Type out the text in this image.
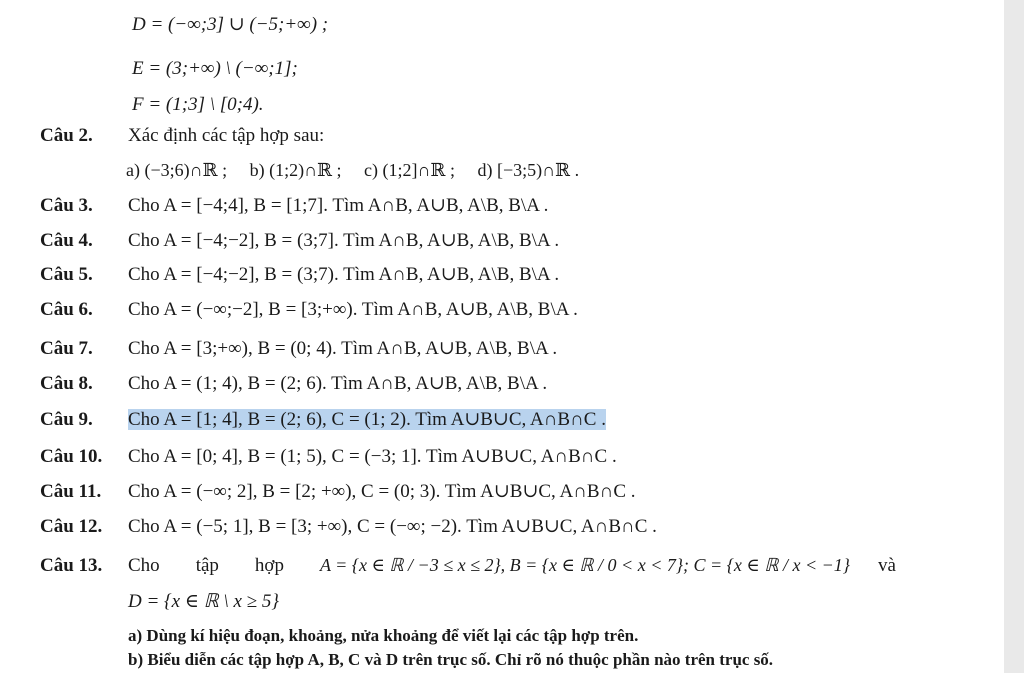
D = (−∞;3] ∪ (−5;+∞) ;
E = (3;+∞) \ (−∞;1];
F = (1;3] \ [0;4).
Câu 2. Xác định các tập hợp sau:
a) (−3;6)∩ℝ ; b) (1;2)∩ℝ ; c) (1;2]∩ℝ ; d) [−3;5)∩ℝ .
Câu 3. Cho A = [−4;4], B = [1;7]. Tìm A∩B, A∪B, A\B, B\A .
Câu 4. Cho A = [−4;−2], B = (3;7]. Tìm A∩B, A∪B, A\B, B\A .
Câu 5. Cho A = [−4;−2], B = (3;7). Tìm A∩B, A∪B, A\B, B\A .
Câu 6. Cho A = (−∞;−2], B = [3;+∞). Tìm A∩B, A∪B, A\B, B\A .
Câu 7. Cho A = [3;+∞), B = (0; 4). Tìm A∩B, A∪B, A\B, B\A .
Câu 8. Cho A = (1; 4), B = (2; 6). Tìm A∩B, A∪B, A\B, B\A .
Câu 9. Cho A = [1; 4], B = (2; 6), C = (1; 2). Tìm A∪B∪C, A∩B∩C .
Câu 10. Cho A = [0; 4], B = (1; 5), C = (−3; 1]. Tìm A∪B∪C, A∩B∩C .
Câu 11. Cho A = (−∞; 2], B = [2; +∞), C = (0; 3). Tìm A∪B∪C, A∩B∩C .
Câu 12. Cho A = (−5; 1], B = [3; +∞), C = (−∞; −2). Tìm A∪B∪C, A∩B∩C .
Câu 13. Cho tập hợp A = {x ∈ ℝ / −3 ≤ x ≤ 2}, B = {x ∈ ℝ / 0 < x < 7}; C = {x ∈ ℝ / x < −1} và
D = {x ∈ ℝ \ x ≥ 5}
a) Dùng kí hiệu đoạn, khoảng, nửa khoảng để viết lại các tập hợp trên.
b) Biểu diễn các tập hợp A, B, C và D trên trục số. Chỉ rõ nó thuộc phần nào trên trục số.
